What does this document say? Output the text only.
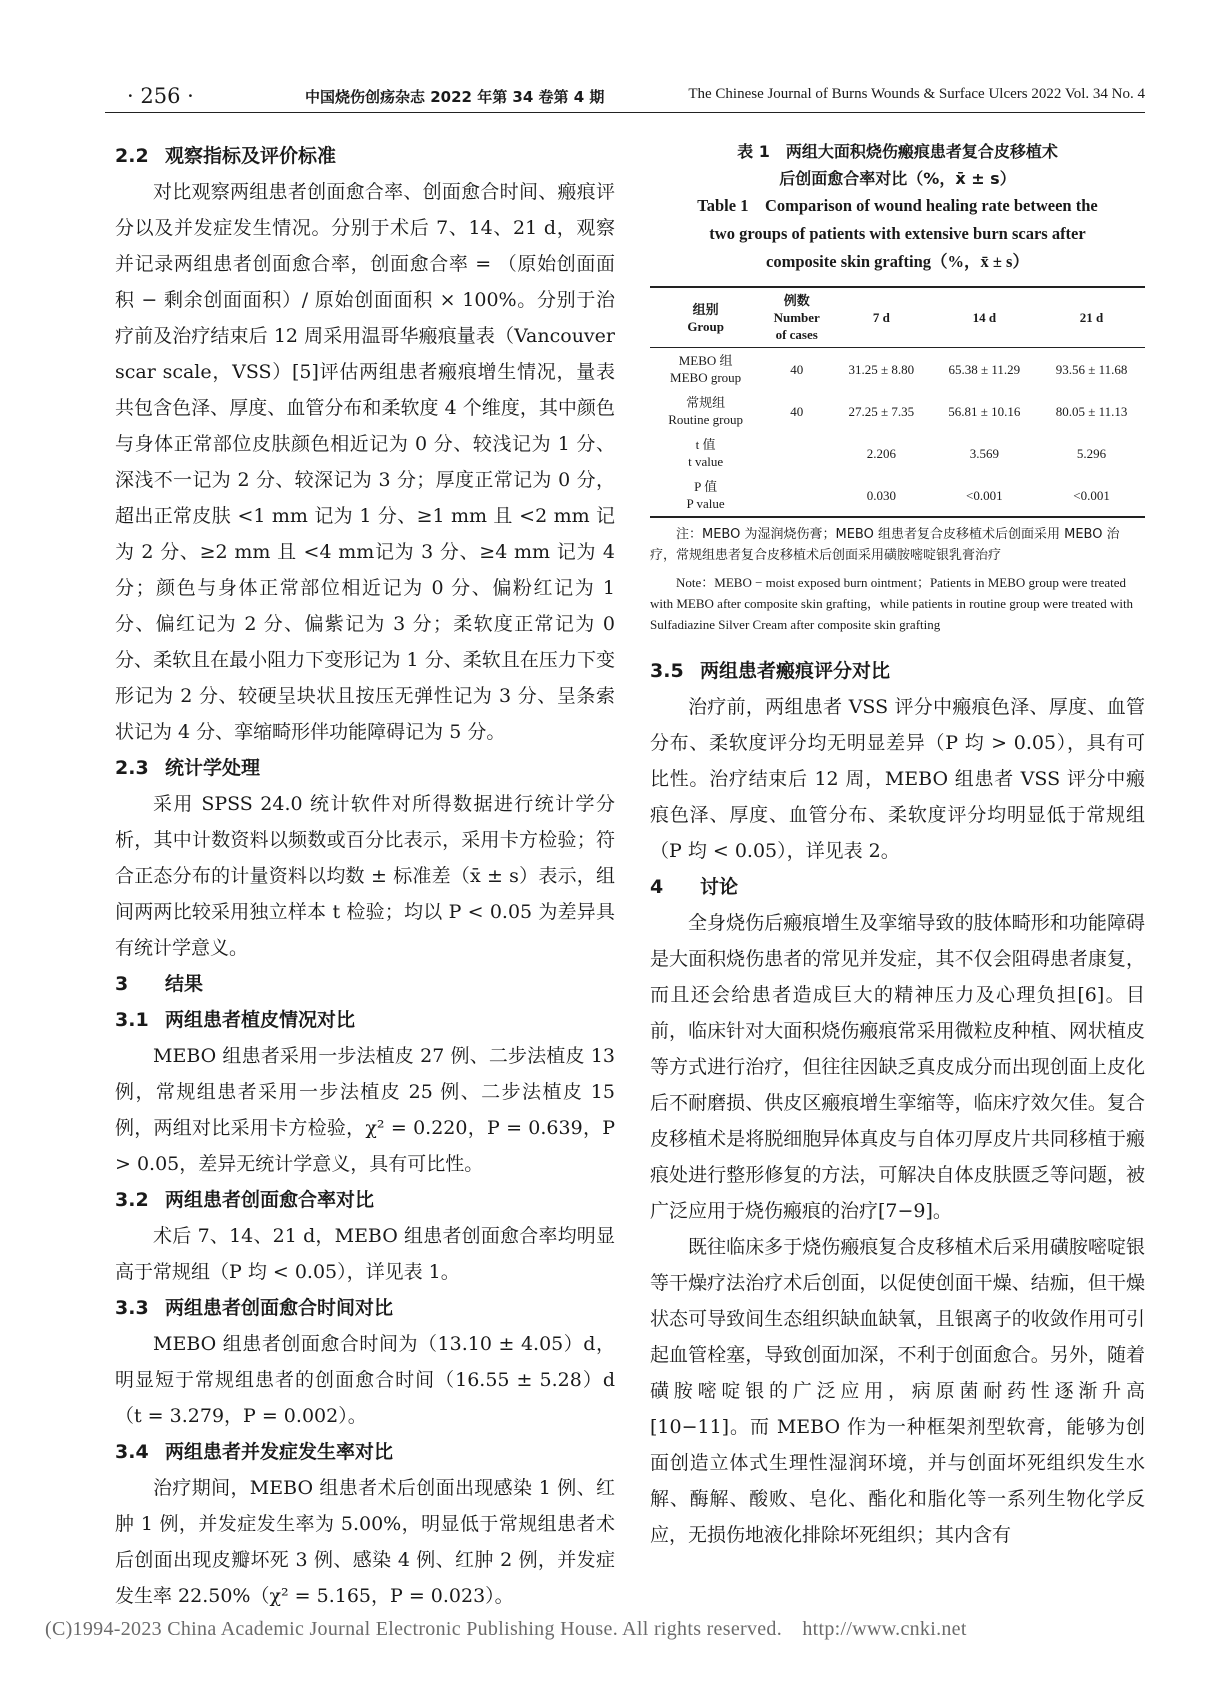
· 256 ·	中国烧伤创疡杂志 2022 年第 34 卷第 4 期	The Chinese Journal of Burns Wounds & Surface Ulcers 2022 Vol. 34 No. 4

2.2 观察指标及评价标准

对比观察两组患者创面愈合率、创面愈合时间、瘢痕评分以及并发症发生情况。分别于术后 7、14、21 d，观察并记录两组患者创面愈合率，创面愈合率 = （原始创面面积 − 剩余创面面积）/ 原始创面面积 × 100%。分别于治疗前及治疗结束后 12 周采用温哥华瘢痕量表（Vancouver scar scale，VSS）[5]评估两组患者瘢痕增生情况，量表共包含色泽、厚度、血管分布和柔软度 4 个维度，其中颜色与身体正常部位皮肤颜色相近记为 0 分、较浅记为 1 分、深浅不一记为 2 分、较深记为 3 分；厚度正常记为 0 分，超出正常皮肤 <1 mm 记为 1 分、≥1 mm 且 <2 mm 记为 2 分、≥2 mm 且 <4 mm记为 3 分、≥4 mm 记为 4 分；颜色与身体正常部位相近记为 0 分、偏粉红记为 1 分、偏红记为 2 分、偏紫记为 3 分；柔软度正常记为 0 分、柔软且在最小阻力下变形记为 1 分、柔软且在压力下变形记为 2 分、较硬呈块状且按压无弹性记为 3 分、呈条索状记为 4 分、挛缩畸形伴功能障碍记为 5 分。

2.3 统计学处理

采用 SPSS 24.0 统计软件对所得数据进行统计学分析，其中计数资料以频数或百分比表示，采用卡方检验；符合正态分布的计量资料以均数 ± 标准差（x̄ ± s）表示，组间两两比较采用独立样本 t 检验；均以 P < 0.05 为差异具有统计学意义。

3 结果

3.1 两组患者植皮情况对比

MEBO 组患者采用一步法植皮 27 例、二步法植皮 13 例，常规组患者采用一步法植皮 25 例、二步法植皮 15 例，两组对比采用卡方检验，χ² = 0.220，P = 0.639，P > 0.05，差异无统计学意义，具有可比性。

3.2 两组患者创面愈合率对比

术后 7、14、21 d，MEBO 组患者创面愈合率均明显高于常规组（P 均 < 0.05），详见表 1。

3.3 两组患者创面愈合时间对比

MEBO 组患者创面愈合时间为（13.10 ± 4.05）d，明显短于常规组患者的创面愈合时间（16.55 ± 5.28）d（t = 3.279，P = 0.002）。

3.4 两组患者并发症发生率对比

治疗期间，MEBO 组患者术后创面出现感染 1 例、红肿 1 例，并发症发生率为 5.00%，明显低于常规组患者术后创面出现皮瓣坏死 3 例、感染 4 例、红肿 2 例，并发症发生率 22.50%（χ² = 5.165，P = 0.023）。

表 1　两组大面积烧伤瘢痕患者复合皮移植术

后创面愈合率对比（%，x̄ ± s）

Table 1　Comparison of wound healing rate between the

two groups of patients with extensive burn scars after

composite skin grafting（%，x̄ ± s）

组别
Group	例数
Number
of cases	7 d	14 d	21 d

MEBO 组
MEBO group	40	31.25 ± 8.80	65.38 ± 11.29	93.56 ± 11.68

常规组
Routine group	40	27.25 ± 7.35	56.81 ± 10.16	80.05 ± 11.13

t 值
t value		2.206	3.569	5.296

P 值
P value		0.030	<0.001	<0.001

注：MEBO 为湿润烧伤膏；MEBO 组患者复合皮移植术后创面采用 MEBO 治疗，常规组患者复合皮移植术后创面采用磺胺嘧啶银乳膏治疗

Note：MEBO − moist exposed burn ointment；Patients in MEBO group were treated with MEBO after composite skin grafting，while patients in routine group were treated with Sulfadiazine Silver Cream after composite skin grafting

3.5 两组患者瘢痕评分对比

治疗前，两组患者 VSS 评分中瘢痕色泽、厚度、血管分布、柔软度评分均无明显差异（P 均 > 0.05），具有可比性。治疗结束后 12 周，MEBO 组患者 VSS 评分中瘢痕色泽、厚度、血管分布、柔软度评分均明显低于常规组（P 均 < 0.05），详见表 2。

4 讨论

全身烧伤后瘢痕增生及挛缩导致的肢体畸形和功能障碍是大面积烧伤患者的常见并发症，其不仅会阻碍患者康复，而且还会给患者造成巨大的精神压力及心理负担[6]。目前，临床针对大面积烧伤瘢痕常采用微粒皮种植、网状植皮等方式进行治疗，但往往因缺乏真皮成分而出现创面上皮化后不耐磨损、供皮区瘢痕增生挛缩等，临床疗效欠佳。复合皮移植术是将脱细胞异体真皮与自体刃厚皮片共同移植于瘢痕处进行整形修复的方法，可解决自体皮肤匮乏等问题，被广泛应用于烧伤瘢痕的治疗[7−9]。

既往临床多于烧伤瘢痕复合皮移植术后采用磺胺嘧啶银等干燥疗法治疗术后创面，以促使创面干燥、结痂，但干燥状态可导致间生态组织缺血缺氧，且银离子的收敛作用可引起血管栓塞，导致创面加深，不利于创面愈合。另外，随着磺胺嘧啶银的广泛应用，病原菌耐药性逐渐升高[10−11]。而 MEBO 作为一种框架剂型软膏，能够为创面创造立体式生理性湿润环境，并与创面坏死组织发生水解、酶解、酸败、皂化、酯化和脂化等一系列生物化学反应，无损伤地液化排除坏死组织；其内含有

(C)1994-2023 China Academic Journal Electronic Publishing House. All rights reserved.　http://www.cnki.net
